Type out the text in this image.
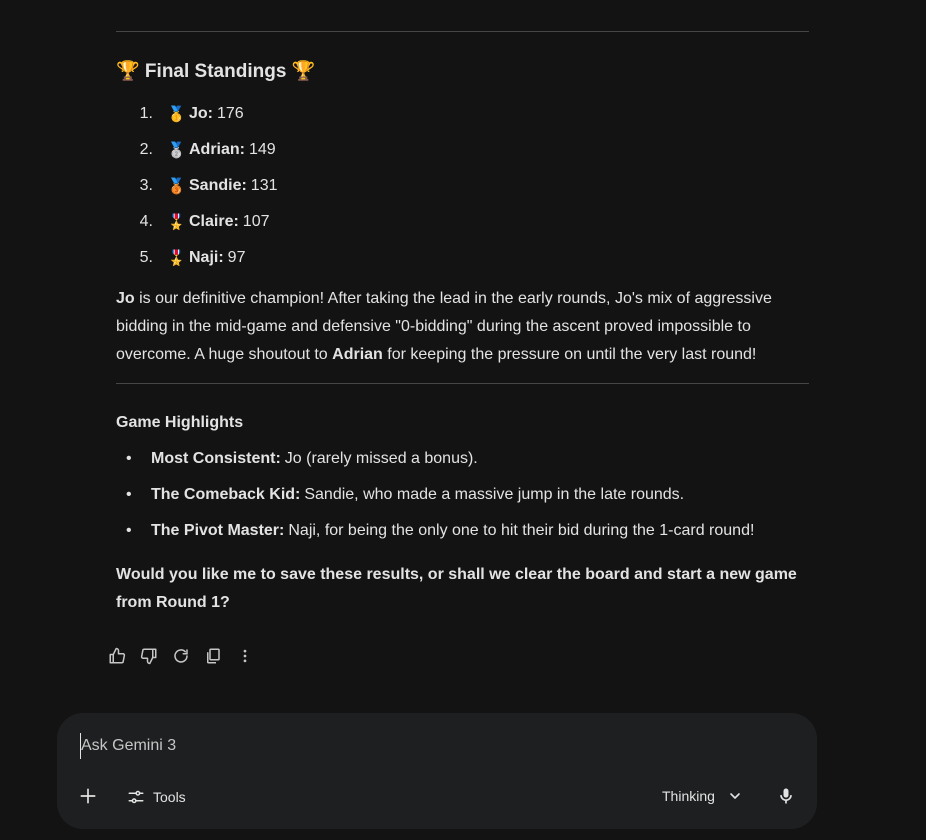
🏆 Final Standings 🏆
1. 🥇 Jo: 176
2. 🥈 Adrian: 149
3. 🥉 Sandie: 131
4. 🎖️ Claire: 107
5. 🎖️ Naji: 97

Jo is our definitive champion! After taking the lead in the early rounds, Jo's mix of aggressive bidding in the mid-game and defensive "0-bidding" during the ascent proved impossible to overcome. A huge shoutout to Adrian for keeping the pressure on until the very last round!

Game Highlights
•	Most Consistent: Jo (rarely missed a bonus).
•	The Comeback Kid: Sandie, who made a massive jump in the late rounds.
•	The Pivot Master: Naji, for being the only one to hit their bid during the 1-card round!

Would you like me to save these results, or shall we clear the board and start a new game from Round 1?

Ask Gemini 3
Tools	Thinking
